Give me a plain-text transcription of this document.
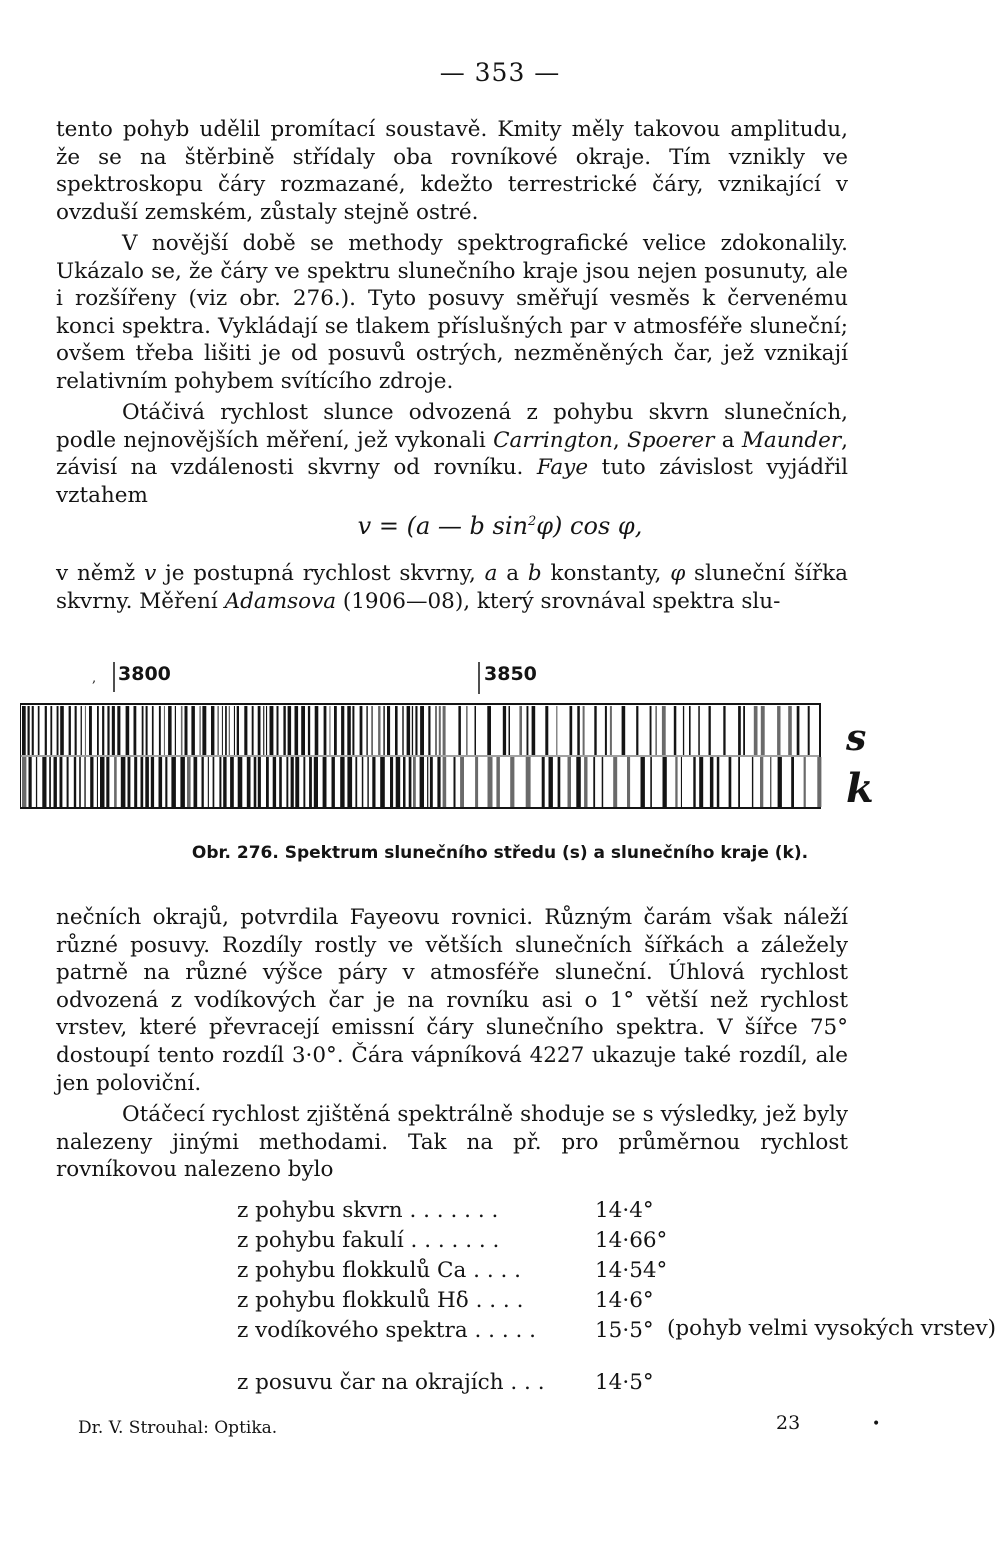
— 353 —

tento pohyb udělil promítací soustavě. Kmity měly takovou amplitudu, že se na štěrbině střídaly oba rovníkové okraje. Tím vznikly ve spektroskopu čáry rozmazané, kdežto terrestrické čáry, vznikající v ovzduší zemském, zůstaly stejně ostré.

V novější době se methody spektrografické velice zdokonalily. Ukázalo se, že čáry ve spektru slunečního kraje jsou nejen posunuty, ale i rozšířeny (viz obr. 276.). Tyto posuvy směřují vesměs k červenému konci spektra. Vykládají se tlakem příslušných par v atmosféře sluneční; ovšem třeba lišiti je od posuvů ostrých, nezměněných čar, jež vznikají relativním pohybem svítícího zdroje.

Otáčivá rychlost slunce odvozená z pohybu skvrn slunečních, podle nejnovějších měření, jež vykonali Carrington, Spoerer a Maunder, závisí na vzdálenosti skvrny od rovníku. Faye tuto závislost vyjádřil vztahem

v = (a — b $\sin^2\varphi$) cos φ,

v němž v je postupná rychlost skvrny, a a b konstanty, φ sluneční šířka skvrny. Měření Adamsova (1906—08), který srovnával spektra slu-

, 3800	3850
s
k
Obr. 276. Spektrum slunečního středu (s) a slunečního kraje (k).

nečních okrajů, potvrdila Fayeovu rovnici. Různým čarám však náleží různé posuvy. Rozdíly rostly ve větších slunečních šířkách a záležely patrně na různé výšce páry v atmosféře sluneční. Úhlová rychlost odvozená z vodíkových čar je na rovníku asi o 1° větší než rychlost vrstev, které převracejí emissní čáry slunečního spektra. V šířce 75° dostoupí tento rozdíl 3·0°. Čára vápníková 4227 ukazuje také rozdíl, ale jen poloviční.

Otáčecí rychlost zjištěná spektrálně shoduje se s výsledky, jež byly nalezeny jinými methodami. Tak na př. pro průměrnou rychlost rovníkovou nalezeno bylo

z pohybu skvrn . . . . . . .	14·4°
z pohybu fakulí . . . . . . .	14·66°
z pohybu flokkulů Ca . . . .	14·54°
z pohybu flokkulů Hδ . . . .	14·6°
z vodíkového spektra . . . . .	15·5° (pohyb velmi vysokých vrstev)
z posuvu čar na okrajích . . . 14·5°
Dr. V. Strouhal: Optika.	23	•
